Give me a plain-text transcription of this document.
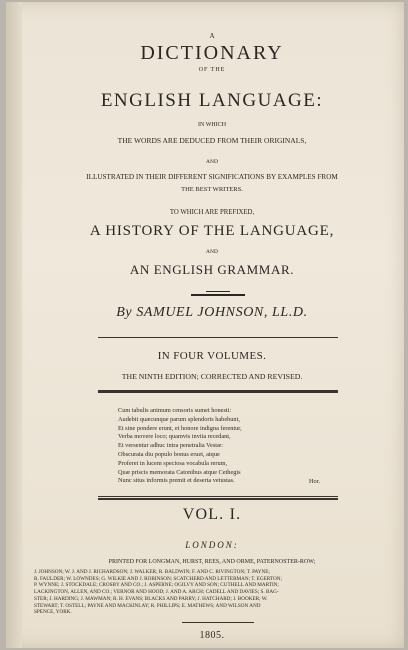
A
DICTIONARY
OF THE
ENGLISH LANGUAGE:
IN WHICH
THE WORDS ARE DEDUCED FROM THEIR ORIGINALS,
AND
ILLUSTRATED IN THEIR DIFFERENT SIGNIFICATIONS BY EXAMPLES FROM
THE BEST WRITERS.
TO WHICH ARE PREFIXED,
A HISTORY OF THE LANGUAGE,
AND
AN ENGLISH GRAMMAR.
By SAMUEL JOHNSON, LL.D.
IN FOUR VOLUMES.
THE NINTH EDITION; CORRECTED AND REVISED.
Cum tabulis animum censoris sumet honesti:
Audebit quæcunque parum splendoris habebunt,
Et sine pondere erunt, et honore indigna ferentur,
Verba movere loco; quamvis invita recedant,
Et versentur adhuc intra penetralia Vestæ:
Obscurata diu populo bonus eruet, atque
Proferet in lucem speciosa vocabula rerum,
Quæ priscis memorata Catonibus atque Cethegis
Nunc situs informis premit et deserta vetustas.	Hor.
VOL. I.
LONDON:
PRINTED FOR LONGMAN, HURST, REES, AND ORME, PATERNOSTER-ROW;
J. JOHNSON; W. J. AND J. RICHARDSON; J. WALKER; R. BALDWIN; F. AND C. RIVINGTON; T. PAYNE;
R. FAULDER; W. LOWNDES; G. WILKIE AND J. ROBINSON; SCATCHERD AND LETTERMAN; T. EGERTON;
P. WYNNE; J. STOCKDALE; CROSBY AND CO.; J. ASPERNE; OGILVY AND SON; CUTHELL AND MARTIN;
LACKINGTON, ALLEN, AND CO.; VERNOR AND HOOD; J. AND A. ARCH; CADELL AND DAVIES; S. BAG-
STER; J. HARDING; J. MAWMAN; R. H. EVANS; BLACKS AND PARRY; J. HATCHARD; J. BOOKER; W.
STEWART; T. OSTELL; PAYNE AND MACKINLAY; R. PHILLIPS; E. MATHEWS; AND WILSON AND
SPENCE, YORK.
1805.
